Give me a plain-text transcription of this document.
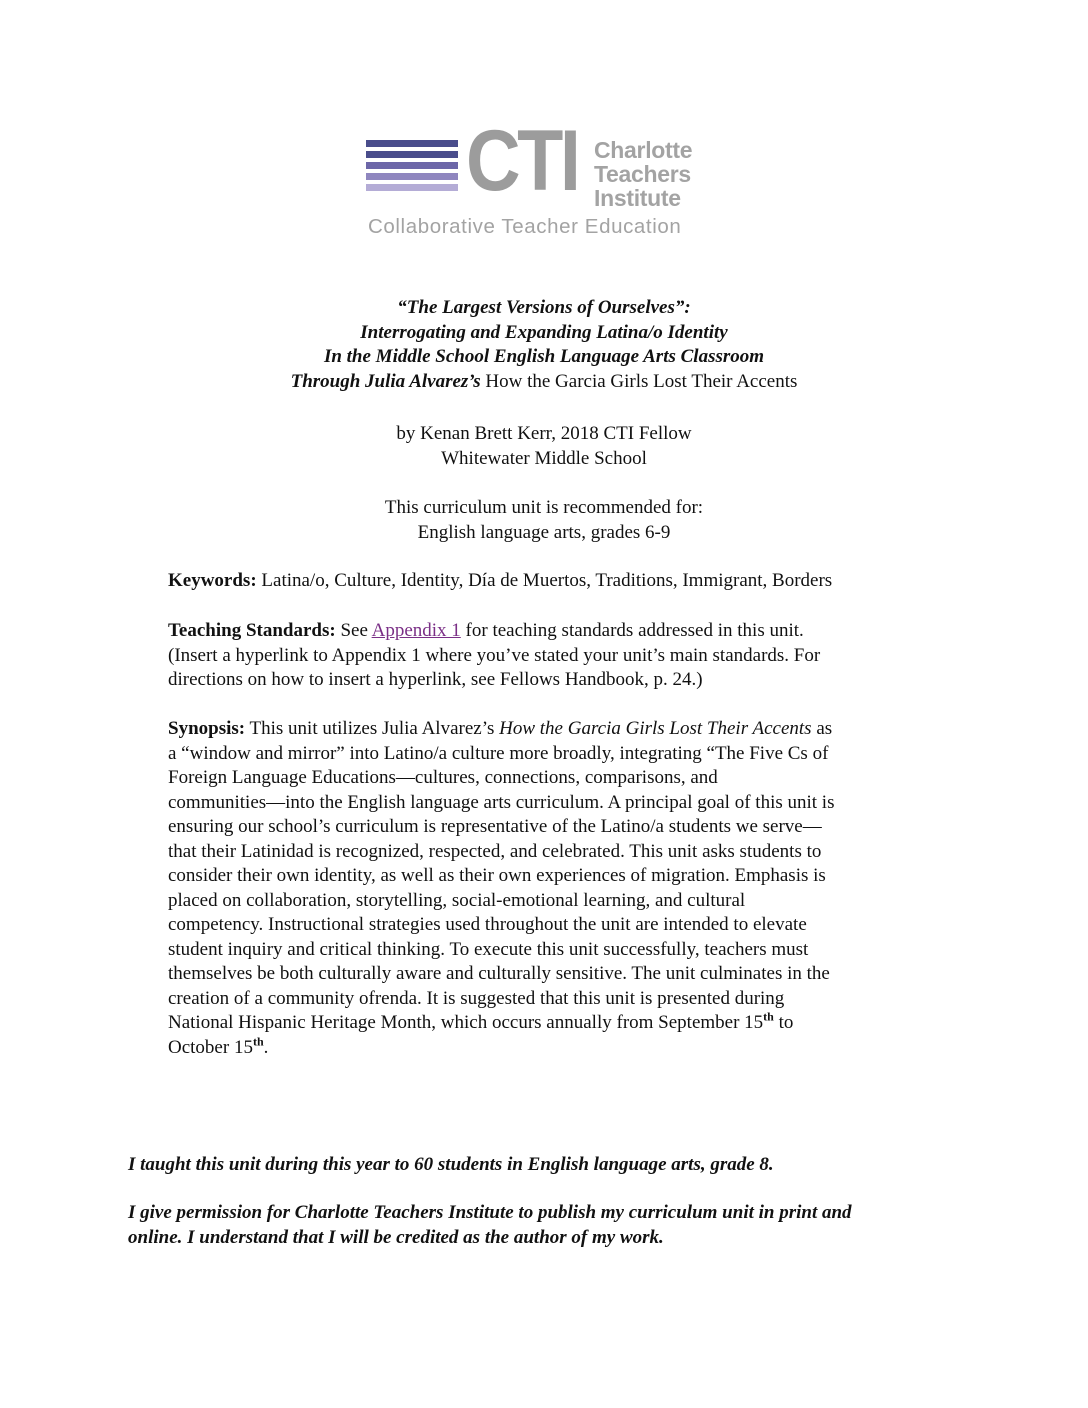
CTI Charlotte
Teachers
Institute
Collaborative Teacher Education
“The Largest Versions of Ourselves”:
Interrogating and Expanding Latina/o Identity
In the Middle School English Language Arts Classroom
Through Julia Alvarez’s How the Garcia Girls Lost Their Accents
by Kenan Brett Kerr, 2018 CTI Fellow
Whitewater Middle School
This curriculum unit is recommended for:
English language arts, grades 6-9
Keywords: Latina/o, Culture, Identity, Día de Muertos, Traditions, Immigrant, Borders
Teaching Standards: See Appendix 1 for teaching standards addressed in this unit.
(Insert a hyperlink to Appendix 1 where you’ve stated your unit’s main standards. For
directions on how to insert a hyperlink, see Fellows Handbook, p. 24.)
Synopsis: This unit utilizes Julia Alvarez’s How the Garcia Girls Lost Their Accents as
a “window and mirror” into Latino/a culture more broadly, integrating “The Five Cs of
Foreign Language Educations—cultures, connections, comparisons, and
communities—into the English language arts curriculum. A principal goal of this unit is
ensuring our school’s curriculum is representative of the Latino/a students we serve—
that their Latinidad is recognized, respected, and celebrated. This unit asks students to
consider their own identity, as well as their own experiences of migration. Emphasis is
placed on collaboration, storytelling, social-emotional learning, and cultural
competency. Instructional strategies used throughout the unit are intended to elevate
student inquiry and critical thinking. To execute this unit successfully, teachers must
themselves be both culturally aware and culturally sensitive. The unit culminates in the
creation of a community ofrenda. It is suggested that this unit is presented during
National Hispanic Heritage Month, which occurs annually from September 15th to
October 15th.
I taught this unit during this year to 60 students in English language arts, grade 8.
I give permission for Charlotte Teachers Institute to publish my curriculum unit in print and
online. I understand that I will be credited as the author of my work.
